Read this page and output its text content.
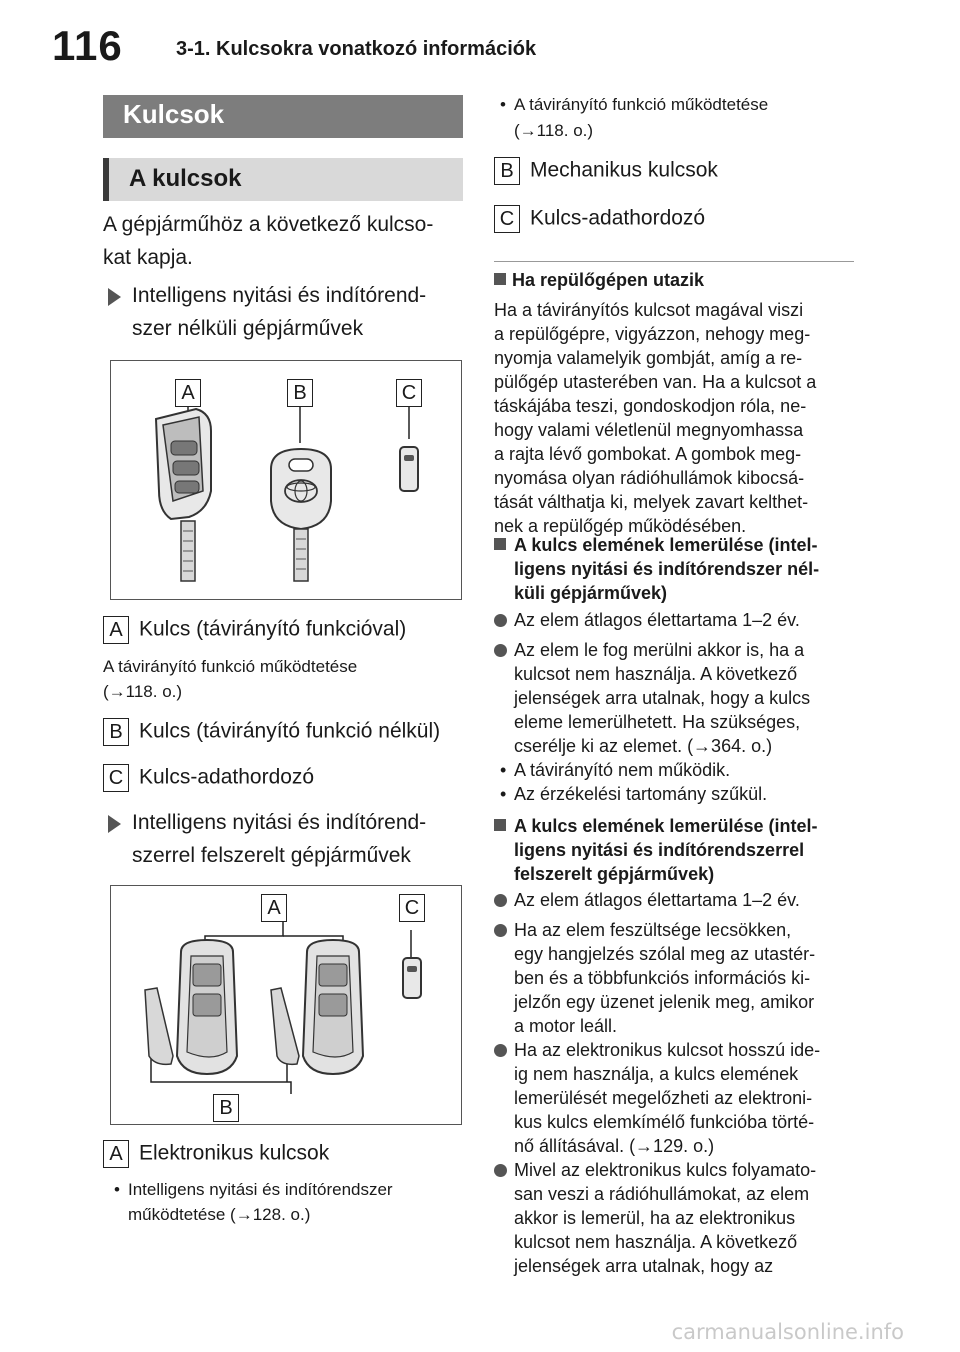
116	3-1. Kulcsokra vonatkozó információk
Kulcsok
A kulcsok
A gépjárműhöz a következő kulcso-
kat kapja.
Intelligens nyitási és indítórend-
szer nélküli gépjárművek
A	B	C
A Kulcs (távirányító funkcióval)
A távirányító funkció működtetése
(→118. o.)
B Kulcs (távirányító funkció nélkül)
C Kulcs-adathordozó
Intelligens nyitási és indítórend-
szerrel felszerelt gépjárművek
A	C
B
A Elektronikus kulcsok
• Intelligens nyitási és indítórendszer
működtetése (→128. o.)
• A távirányító funkció működtetése
(→118. o.)
B Mechanikus kulcsok
C Kulcs-adathordozó
Ha repülőgépen utazik
Ha a távirányítós kulcsot magával viszi
a repülőgépre, vigyázzon, nehogy meg-
nyomja valamelyik gombját, amíg a re-
pülőgép utasterében van. Ha a kulcsot a
táskájába teszi, gondoskodjon róla, ne-
hogy valami véletlenül megnyomhassa
a rajta lévő gombokat. A gombok meg-
nyomása olyan rádióhullámok kibocsá-
tását válthatja ki, melyek zavart kelthet-
nek a repülőgép működésében.
A kulcs elemének lemerülése (intel-
ligens nyitási és indítórendszer nél-
küli gépjárművek)
Az elem átlagos élettartama 1–2 év.
Az elem le fog merülni akkor is, ha a
kulcsot nem használja. A következő
jelenségek arra utalnak, hogy a kulcs
eleme lemerülhetett. Ha szükséges,
cserélje ki az elemet. (→364. o.)
• A távirányító nem működik.
• Az érzékelési tartomány szűkül.
A kulcs elemének lemerülése (intel-
ligens nyitási és indítórendszerrel
felszerelt gépjárművek)
Az elem átlagos élettartama 1–2 év.
Ha az elem feszültsége lecsökken,
egy hangjelzés szólal meg az utastér-
ben és a többfunkciós információs ki-
jelzőn egy üzenet jelenik meg, amikor
a motor leáll.
Ha az elektronikus kulcsot hosszú ide-
ig nem használja, a kulcs elemének
lemerülését megelőzheti az elektroni-
kus kulcs elemkímélő funkcióba törté-
nő állításával. (→129. o.)
Mivel az elektronikus kulcs folyamato-
san veszi a rádióhullámokat, az elem
akkor is lemerül, ha az elektronikus
kulcsot nem használja. A következő
jelenségek arra utalnak, hogy az
carmanualsonline.info
